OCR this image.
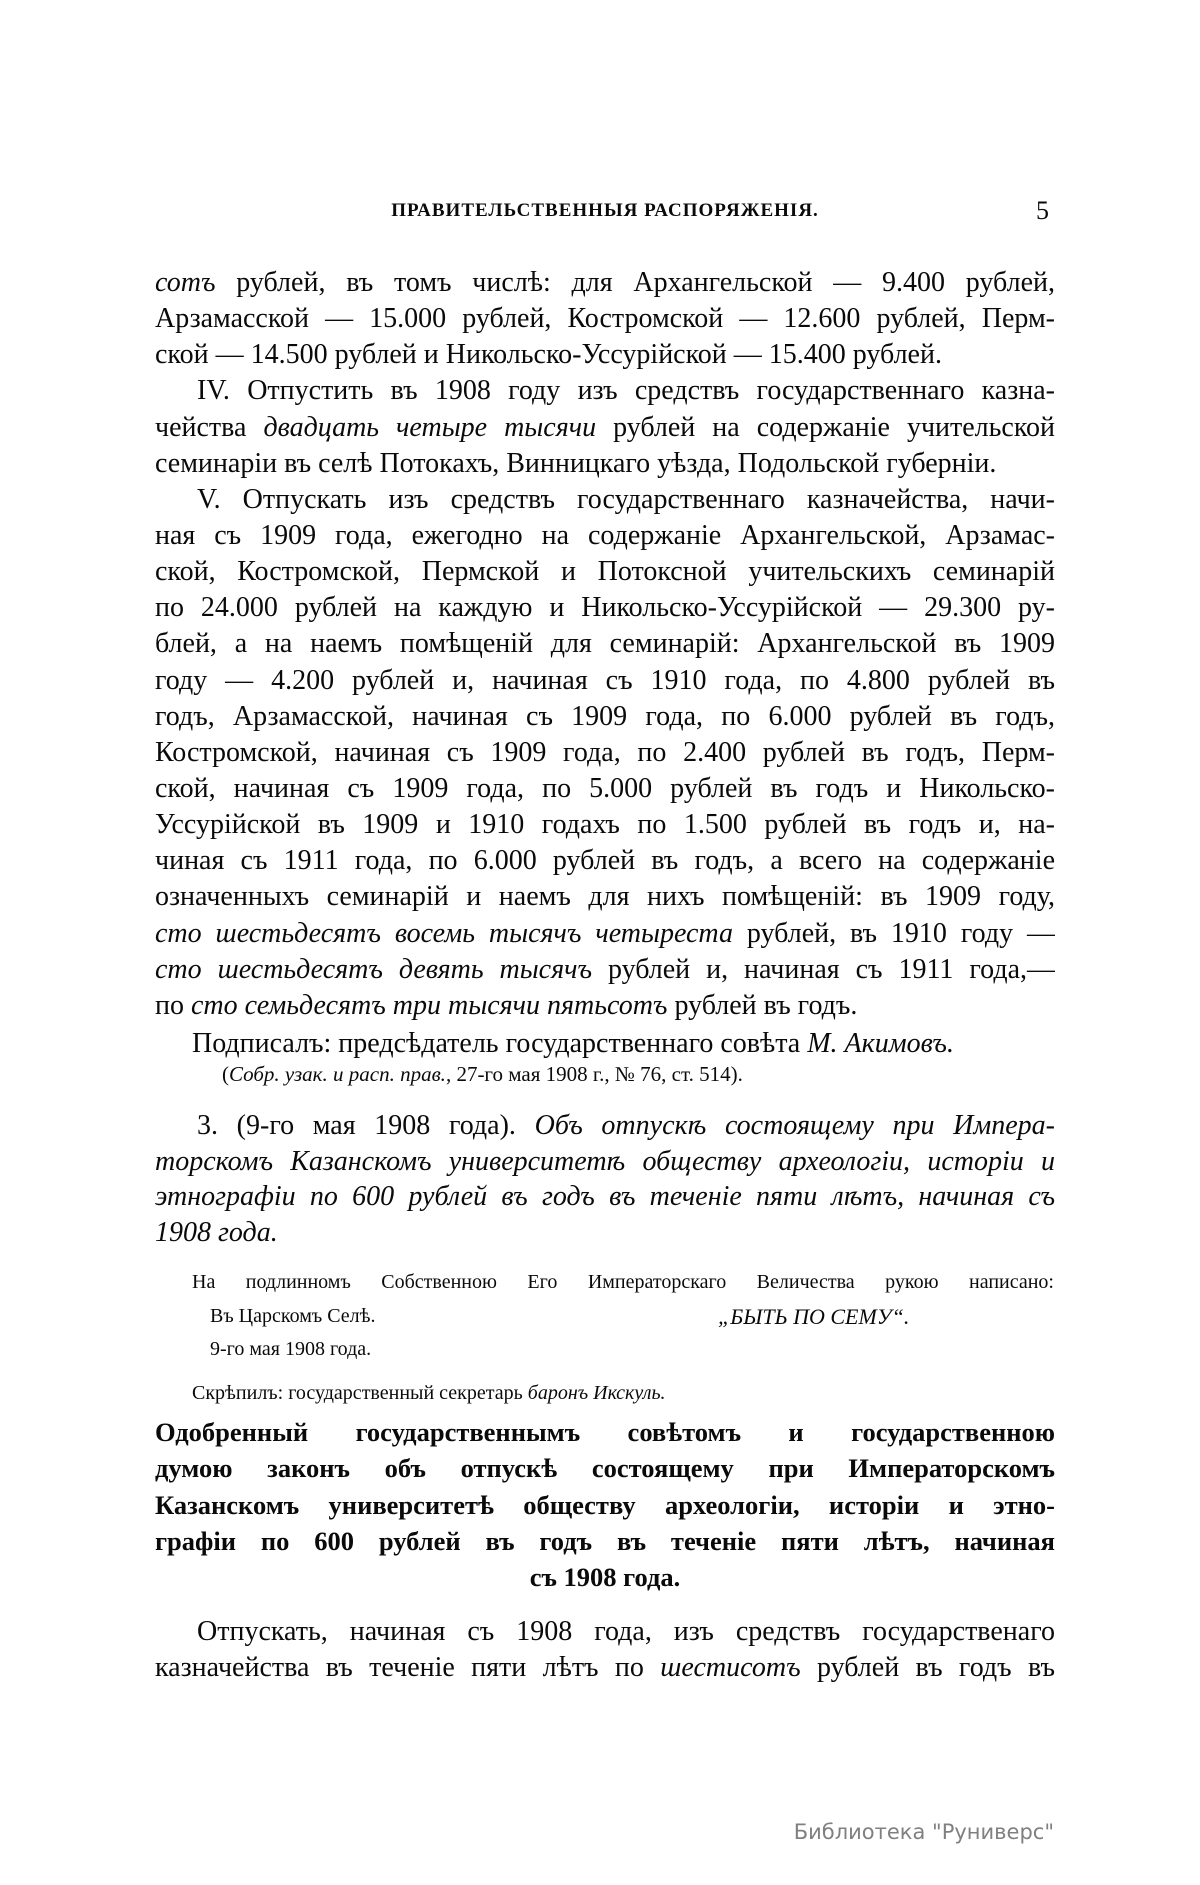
ПРАВИТЕЛЬСТВЕННЫЯ РАСПОРЯЖЕНІЯ.	5
сотъ рублей, въ томъ числѣ: для Архангельской — 9.400 рублей,
Арзамасской — 15.000 рублей, Костромской — 12.600 рублей, Перм-
ской — 14.500 рублей и Никольско-Уссурійской — 15.400 рублей.
IV. Отпустить въ 1908 году изъ средствъ государственнаго казна-
чейства двадцать четыре тысячи рублей на содержаніе учительской
семинаріи въ селѣ Потокахъ, Винницкаго уѣзда, Подольской губерніи.
V. Отпускать изъ средствъ государственнаго казначейства, начи-
ная съ 1909 года, ежегодно на содержаніе Архангельской, Арзамас-
ской, Костромской, Пермской и Потоксной учительскихъ семинарій
по 24.000 рублей на каждую и Никольско-Уссурійской — 29.300 ру-
блей, а на наемъ помѣщеній для семинарій: Архангельской въ 1909
году — 4.200 рублей и, начиная съ 1910 года, по 4.800 рублей въ
годъ, Арзамасской, начиная съ 1909 года, по 6.000 рублей въ годъ,
Костромской, начиная съ 1909 года, по 2.400 рублей въ годъ, Перм-
ской, начиная съ 1909 года, по 5.000 рублей въ годъ и Никольско-
Уссурійской въ 1909 и 1910 годахъ по 1.500 рублей въ годъ и, на-
чиная съ 1911 года, по 6.000 рублей въ годъ, а всего на содержаніе
означенныхъ семинарій и наемъ для нихъ помѣщеній: въ 1909 году,
сто шестьдесятъ восемь тысячъ четыреста рублей, въ 1910 году —
сто шестьдесятъ девять тысячъ рублей и, начиная съ 1911 года,—
по сто семьдесятъ три тысячи пятьсотъ рублей въ годъ.
Подписалъ: предсѣдатель государственнаго совѣта М. Акимовъ.
(Собр. узак. и расп. прав., 27-го мая 1908 г., № 76, ст. 514).
3. (9-го мая 1908 года). Объ отпускѣ состоящему при Импера-
торскомъ Казанскомъ университетѣ обществу археологіи, исторіи и
этнографіи по 600 рублей въ годъ въ теченіе пяти лѣтъ, начиная съ
1908 года.
На подлинномъ Собственною Его Императорскаго Величества рукою написано:
Въ Царскомъ Селѣ.	„БЫТЬ ПО СЕМУ“.
9-го мая 1908 года.
Скрѣпилъ: государственный секретарь баронъ Икскуль.
Одобренный государственнымъ совѣтомъ и государственною
думою законъ объ отпускѣ состоящему при Императорскомъ
Казанскомъ университетѣ обществу археологіи, исторіи и этно-
графіи по 600 рублей въ годъ въ теченіе пяти лѣтъ, начиная
съ 1908 года.
Отпускать, начиная съ 1908 года, изъ средствъ государственаго
казначейства въ теченіе пяти лѣтъ по шестисотъ рублей въ годъ въ
Библиотека "Руниверс"
